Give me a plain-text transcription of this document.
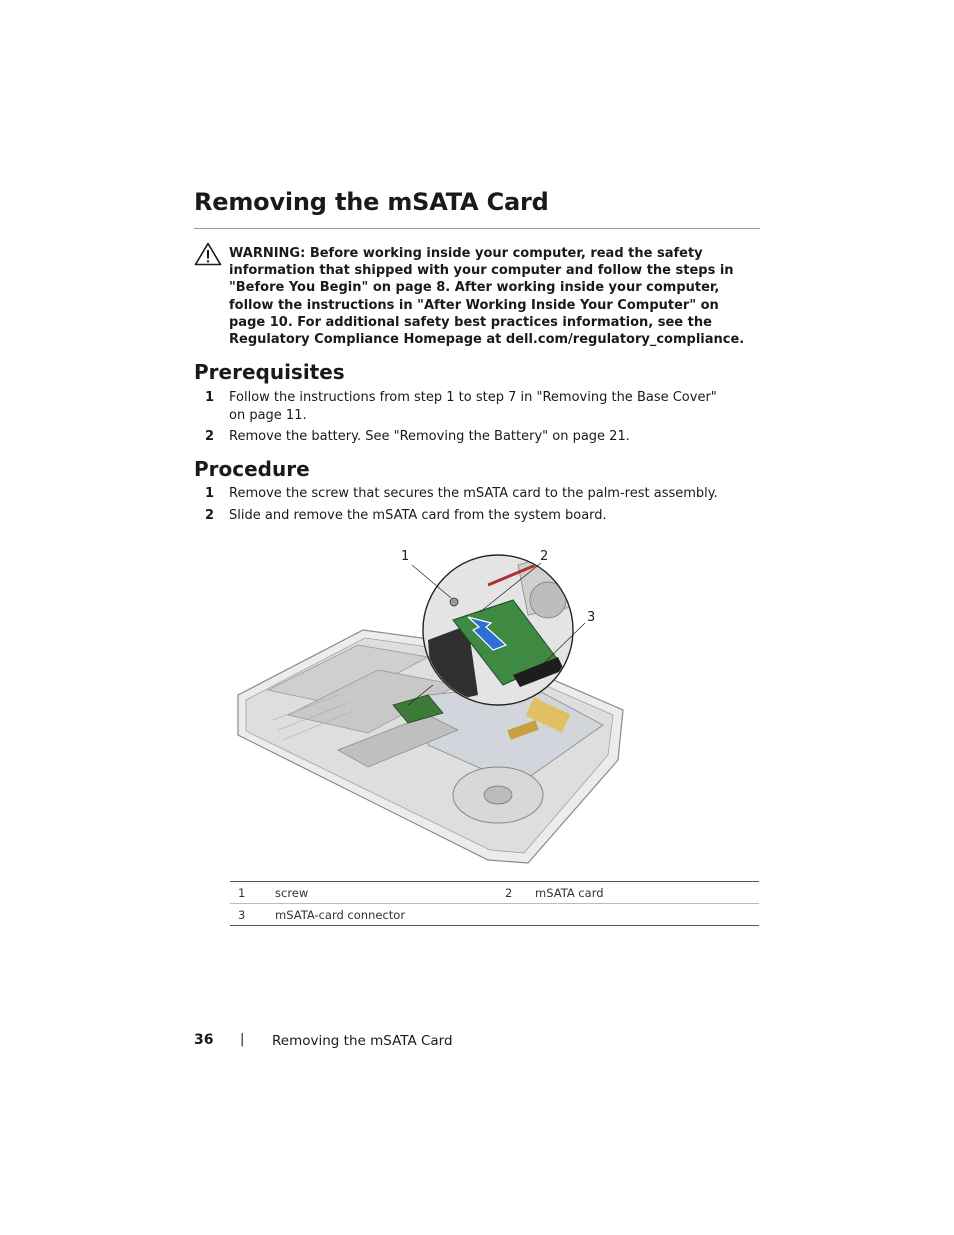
Removing the mSATA Card

WARNING: Before working inside your computer, read the safety information that shipped with your computer and follow the steps in "Before You Begin" on page 8. After working inside your computer, follow the instructions in "After Working Inside Your Computer" on page 10. For additional safety best practices information, see the Regulatory Compliance Homepage at dell.com/regulatory_compliance.

Prerequisites
1 Follow the instructions from step 1 to step 7 in "Removing the Base Cover" on page 11.
2 Remove the battery. See "Removing the Battery" on page 21.
Procedure
1 Remove the screw that secures the mSATA card to the palm-rest assembly.
2 Slide and remove the mSATA card from the system board.
1	2
3
1	screw	2	mSATA card
3	mSATA-card connector		
36 | Removing the mSATA Card
